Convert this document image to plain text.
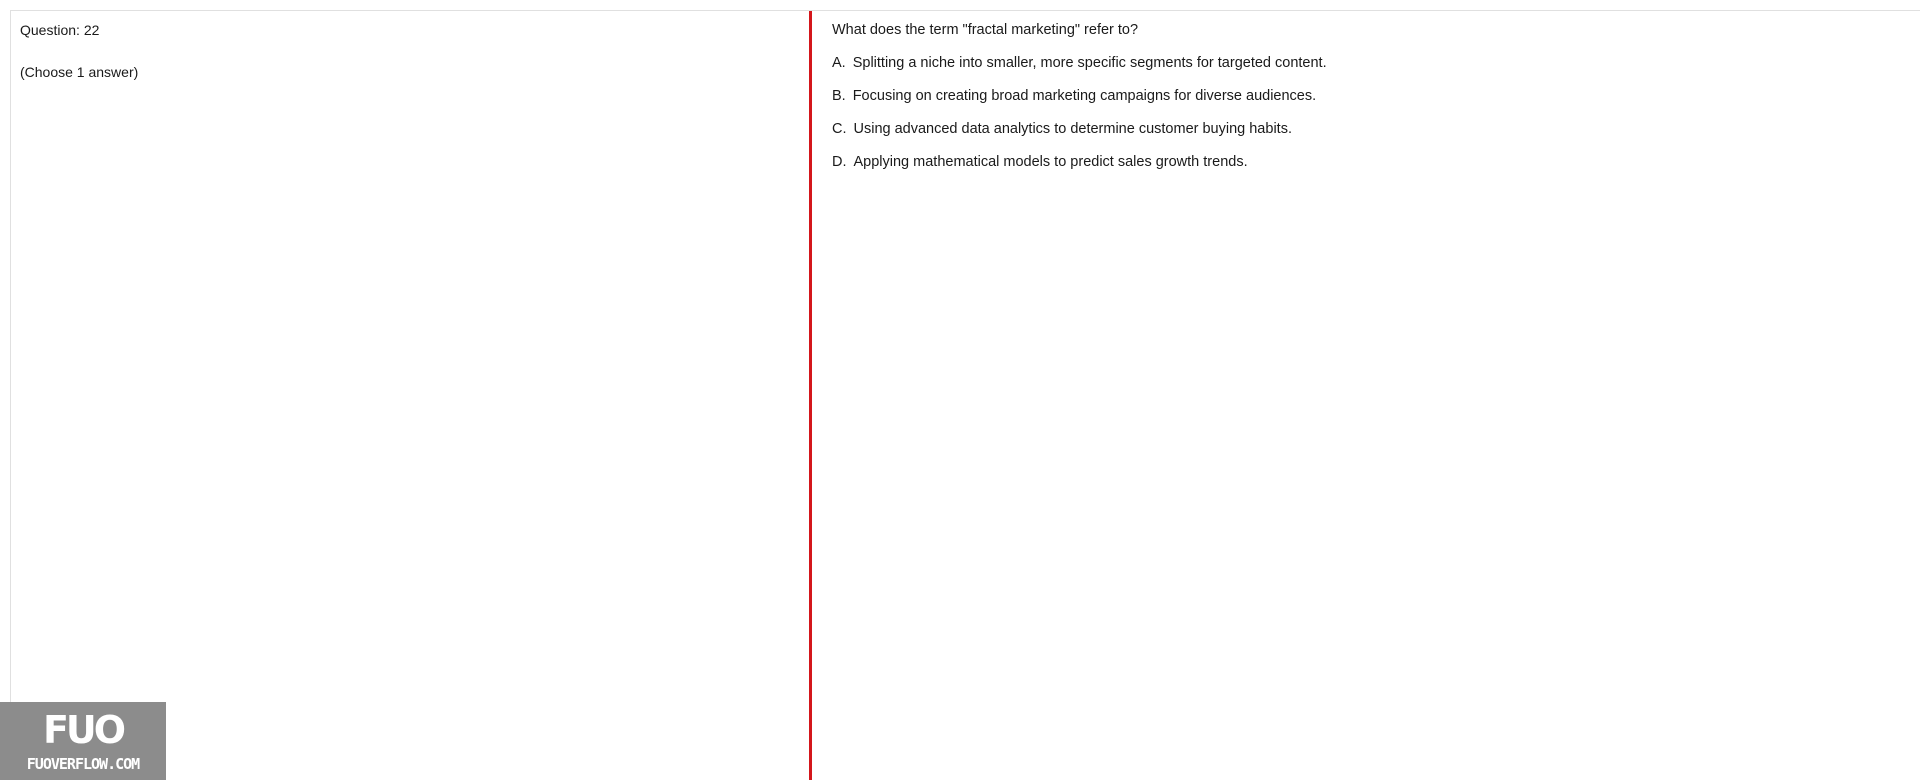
Question: 22

(Choose 1 answer)

What does the term "fractal marketing" refer to?

A. Splitting a niche into smaller, more specific segments for targeted content.
B. Focusing on creating broad marketing campaigns for diverse audiences.
C. Using advanced data analytics to determine customer buying habits.
D. Applying mathematical models to predict sales growth trends.
FUO
FUOVERFLOW.COM
